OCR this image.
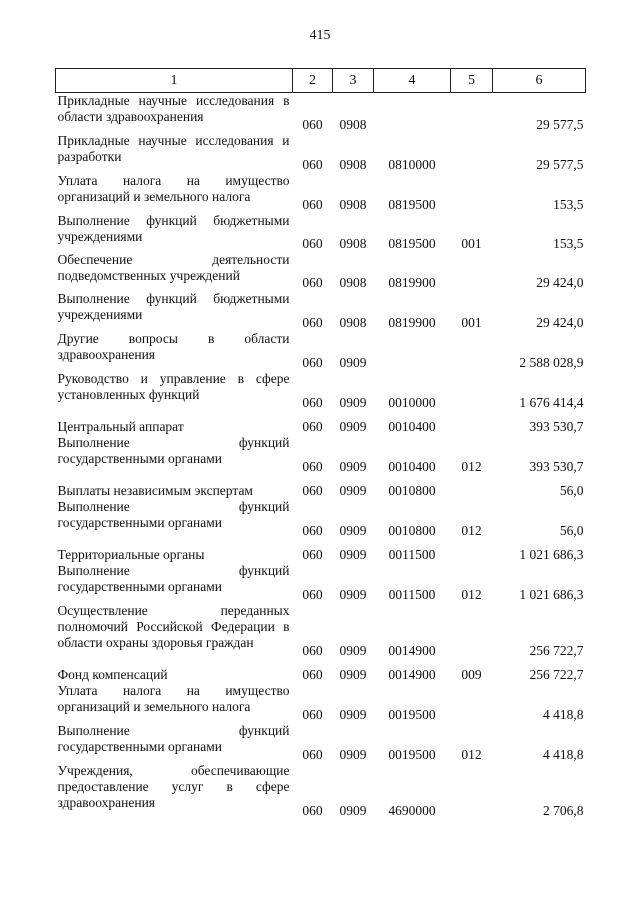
415
1	2	3	4	5	6
Прикладные научные исследования в области здравоохранения	060	0908			29 577,5
Прикладные научные исследования и разработки	060	0908	0810000		29 577,5
Уплата налога на имущество организаций и земельного налога	060	0908	0819500		153,5
Выполнение функций бюджетными учреждениями	060	0908	0819500	001	153,5
Обеспечение деятельности подведомственных учреждений	060	0908	0819900		29 424,0
Выполнение функций бюджетными учреждениями	060	0908	0819900	001	29 424,0
Другие вопросы в области здравоохранения	060	0909			2 588 028,9
Руководство и управление в сфере установленных функций	060	0909	0010000		1 676 414,4
Центральный аппарат	060	0909	0010400		393 530,7
Выполнение функций государственными органами	060	0909	0010400	012	393 530,7
Выплаты независимым экспертам	060	0909	0010800		56,0
Выполнение функций государственными органами	060	0909	0010800	012	56,0
Территориальные органы	060	0909	0011500		1 021 686,3
Выполнение функций государственными органами	060	0909	0011500	012	1 021 686,3
Осуществление переданных полномочий Российской Федерации в области охраны здоровья граждан	060	0909	0014900		256 722,7
Фонд компенсаций	060	0909	0014900	009	256 722,7
Уплата налога на имущество организаций и земельного налога	060	0909	0019500		4 418,8
Выполнение функций государственными органами	060	0909	0019500	012	4 418,8
Учреждения, обеспечивающие предоставление услуг в сфере здравоохранения	060	0909	4690000		2 706,8
